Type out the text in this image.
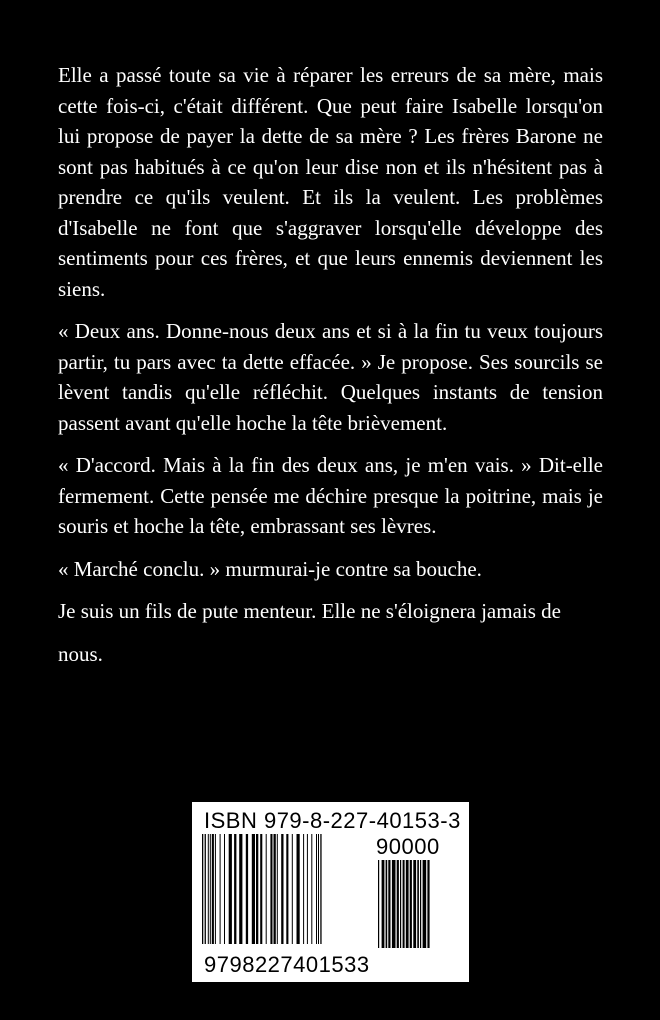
Elle a passé toute sa vie à réparer les erreurs de sa mère, mais cette fois-ci, c'était différent. Que peut faire Isabelle lorsqu'on lui propose de payer la dette de sa mère ? Les frères Barone ne sont pas habitués à ce qu'on leur dise non et ils n'hésitent pas à prendre ce qu'ils veulent. Et ils la veulent. Les problèmes d'Isabelle ne font que s'aggraver lorsqu'elle développe des sentiments pour ces frères, et que leurs ennemis deviennent les siens.

« Deux ans. Donne-nous deux ans et si à la fin tu veux toujours partir, tu pars avec ta dette effacée. » Je propose. Ses sourcils se lèvent tandis qu'elle réfléchit. Quelques instants de tension passent avant qu'elle hoche la tête brièvement.

« D'accord. Mais à la fin des deux ans, je m'en vais. » Dit-elle fermement. Cette pensée me déchire presque la poitrine, mais je souris et hoche la tête, embrassant ses lèvres.

« Marché conclu. » murmurai-je contre sa bouche.

Je suis un fils de pute menteur. Elle ne s'éloignera jamais de

nous.

ISBN 979-8-227-40153-3
90000
9798227401533
